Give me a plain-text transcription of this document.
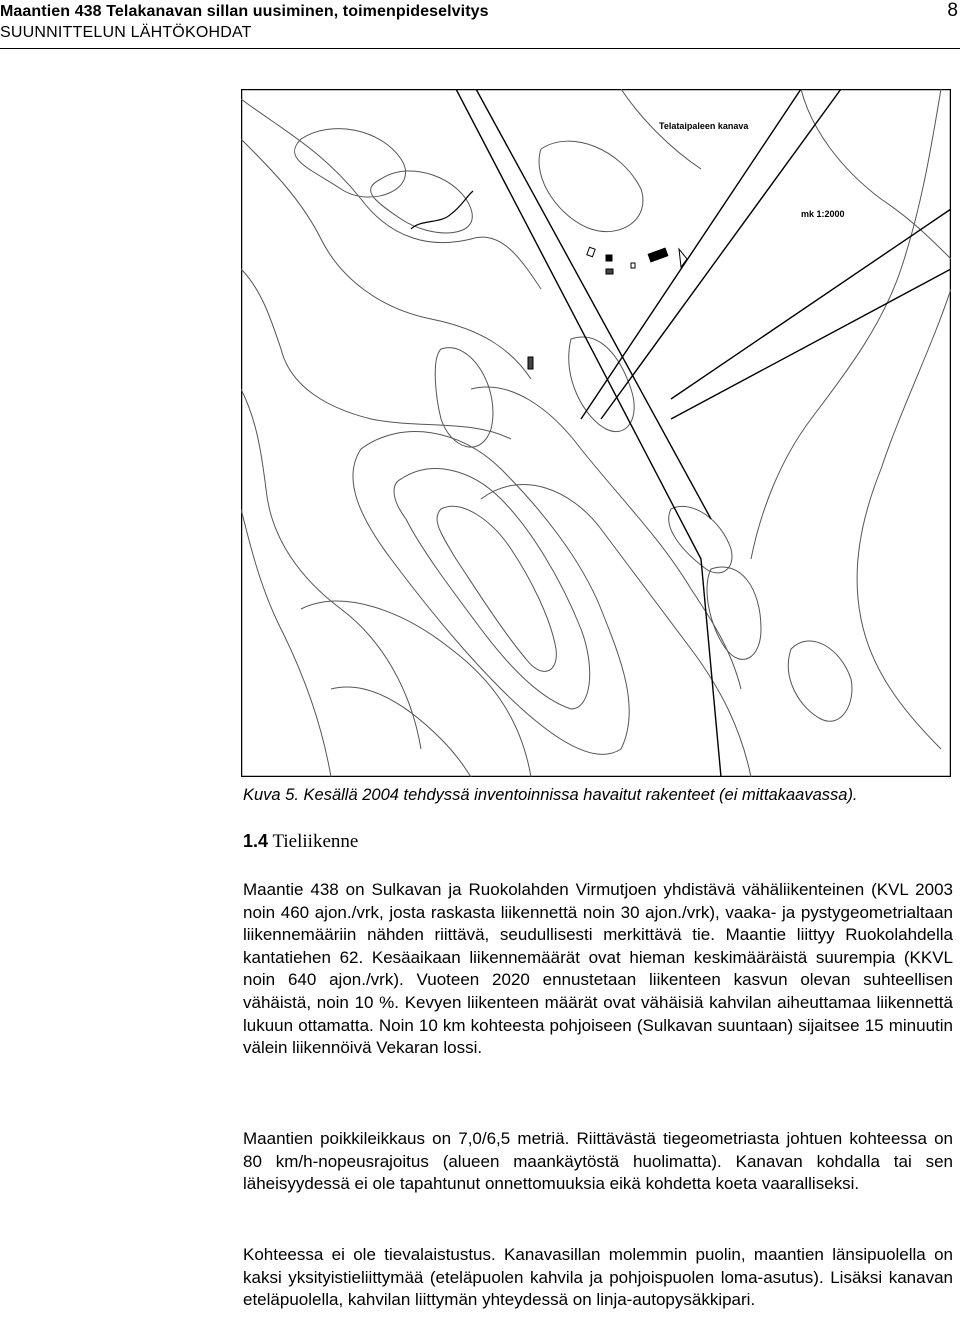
Maantien 438 Telakanavan sillan uusiminen, toimenpideselvitys
SUUNNITTELUN LÄHTÖKOHDAT
8
Telataipaleen kanava
mk 1:2000
Kuva 5. Kesällä 2004 tehdyssä inventoinnissa havaitut rakenteet (ei mittakaavassa).
1.4 Tieliikenne

Maantie 438 on Sulkavan ja Ruokolahden Virmutjoen yhdistävä vähäliikenteinen (KVL 2003 noin 460 ajon./vrk, josta raskasta liikennettä noin 30 ajon./vrk), vaaka- ja pystygeometrialtaan liikennemääriin nähden riittävä, seudullisesti merkittävä tie. Maantie liittyy Ruokolahdella kantatiehen 62. Kesäaikaan liikennemäärät ovat hieman keskimääräistä suurempia (KKVL noin 640 ajon./vrk). Vuoteen 2020 ennustetaan liikenteen kasvun olevan suhteellisen vähäistä, noin 10 %. Kevyen liikenteen määrät ovat vähäisiä kahvilan aiheuttamaa liikennettä lukuun ottamatta. Noin 10 km kohteesta pohjoiseen (Sulkavan suuntaan) sijaitsee 15 minuutin välein liikennöivä Vekaran lossi.

Maantien poikkileikkaus on 7,0/6,5 metriä. Riittävästä tiegeometriasta johtuen kohteessa on 80 km/h-nopeusrajoitus (alueen maankäytöstä huolimatta). Kanavan kohdalla tai sen läheisyydessä ei ole tapahtunut onnettomuuksia eikä kohdetta koeta vaaralliseksi.

Kohteessa ei ole tievalaistustus. Kanavasillan molemmin puolin, maantien länsipuolella on kaksi yksityistieliittymää (eteläpuolen kahvila ja pohjoispuolen loma-asutus). Lisäksi kanavan eteläpuolella, kahvilan liittymän yhteydessä on linja-autopysäkkipari.
